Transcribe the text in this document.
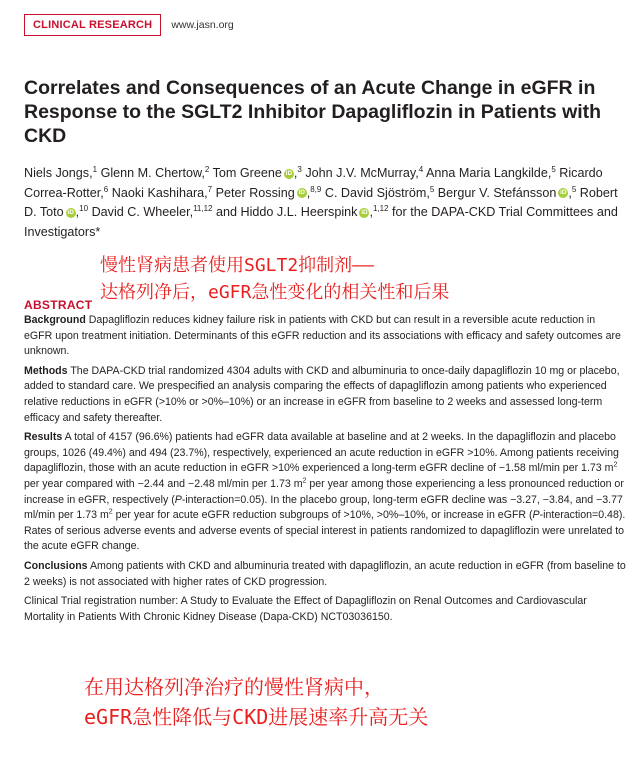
CLINICAL RESEARCH	www.jasn.org
Correlates and Consequences of an Acute Change in eGFR in Response to the SGLT2 Inhibitor Dapagliflozin in Patients with CKD
Niels Jongs,$^1$ Glenn M. Chertow,$^2$ Tom Greene iD ,$^3$ John J.V. McMurray,$^4$ Anna Maria Langkilde,$^5$ Ricardo Correa-Rotter,$^6$ Naoki Kashihara,$^7$ Peter Rossing iD ,$^{8,9}$ C. David Sjöström,$^5$ Bergur V. Stefánsson iD ,$^5$ Robert D. Toto iD ,$^{10}$ David C. Wheeler,$^{11,12}$ and Hiddo J.L. Heerspink iD ,$^{1,12}$ for the DAPA-CKD Trial Committees and Investigators*
慢性肾病患者使用SGLT2抑制剂——
达格列净后，eGFR急性变化的相关性和后果
ABSTRACT

Background Dapagliflozin reduces kidney failure risk in patients with CKD but can result in a reversible acute reduction in eGFR upon treatment initiation. Determinants of this eGFR reduction and its associations with efficacy and safety outcomes are unknown.

Methods The DAPA-CKD trial randomized 4304 adults with CKD and albuminuria to once-daily dapagliflozin 10 mg or placebo, added to standard care. We prespecified an analysis comparing the effects of dapagliflozin among patients who experienced relative reductions in eGFR (>10% or >0%–10%) or an increase in eGFR from baseline to 2 weeks and assessed long-term efficacy and safety thereafter.

Results A total of 4157 (96.6%) patients had eGFR data available at baseline and at 2 weeks. In the dapagliflozin and placebo groups, 1026 (49.4%) and 494 (23.7%), respectively, experienced an acute reduction in eGFR >10%. Among patients receiving dapagliflozin, those with an acute reduction in eGFR >10% experienced a long-term eGFR decline of −1.58 ml/min per 1.73 $m^2$ per year compared with −2.44 and −2.48 ml/min per 1.73 $m^2$ per year among those experiencing a less pronounced reduction or increase in eGFR, respectively (P-interaction=0.05). In the placebo group, long-term eGFR decline was −3.27, −3.84, and −3.77 ml/min per 1.73 $m^2$ per year for acute eGFR reduction subgroups of >10%, >0%–10%, or increase in eGFR (P-interaction=0.48). Rates of serious adverse events and adverse events of special interest in patients randomized to dapagliflozin were unrelated to the acute eGFR change.

Conclusions Among patients with CKD and albuminuria treated with dapagliflozin, an acute reduction in eGFR (from baseline to 2 weeks) is not associated with higher rates of CKD progression.

Clinical Trial registration number: A Study to Evaluate the Effect of Dapagliflozin on Renal Outcomes and Cardiovascular Mortality in Patients With Chronic Kidney Disease (Dapa-CKD) NCT03036150.

在用达格列净治疗的慢性肾病中，
eGFR急性降低与CKD进展速率升高无关
